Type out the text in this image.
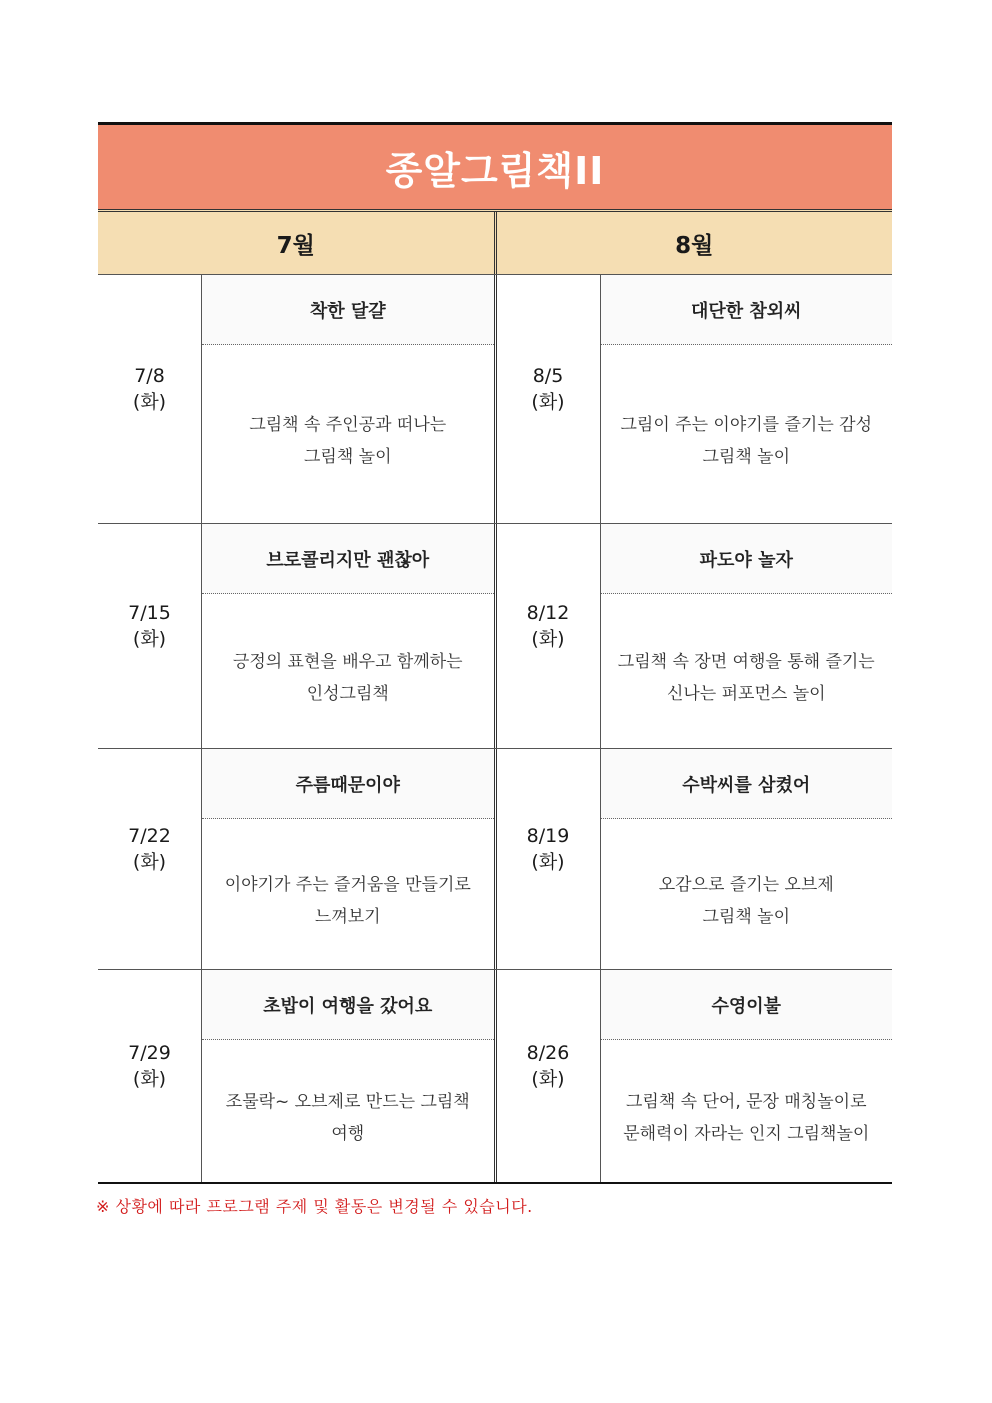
종알그림책II
7월	8월
7/8
(화)
착한 달걀
그림책 속 주인공과 떠나는
그림책 놀이
8/5
(화)
대단한 참외씨
그림이 주는 이야기를 즐기는 감성
그림책 놀이
7/15
(화)
브로콜리지만 괜찮아
긍정의 표현을 배우고 함께하는
인성그림책
8/12
(화)
파도야 놀자
그림책 속 장면 여행을 통해 즐기는
신나는 퍼포먼스 놀이
7/22
(화)
주름때문이야
이야기가 주는 즐거움을 만들기로
느껴보기
8/19
(화)
수박씨를 삼켰어
오감으로 즐기는 오브제
그림책 놀이
7/29
(화)
초밥이 여행을 갔어요
조물락~ 오브제로 만드는 그림책
여행
8/26
(화)
수영이불
그림책 속 단어, 문장 매칭놀이로
문해력이 자라는 인지 그림책놀이
※ 상황에 따라 프로그램 주제 및 활동은 변경될 수 있습니다.
